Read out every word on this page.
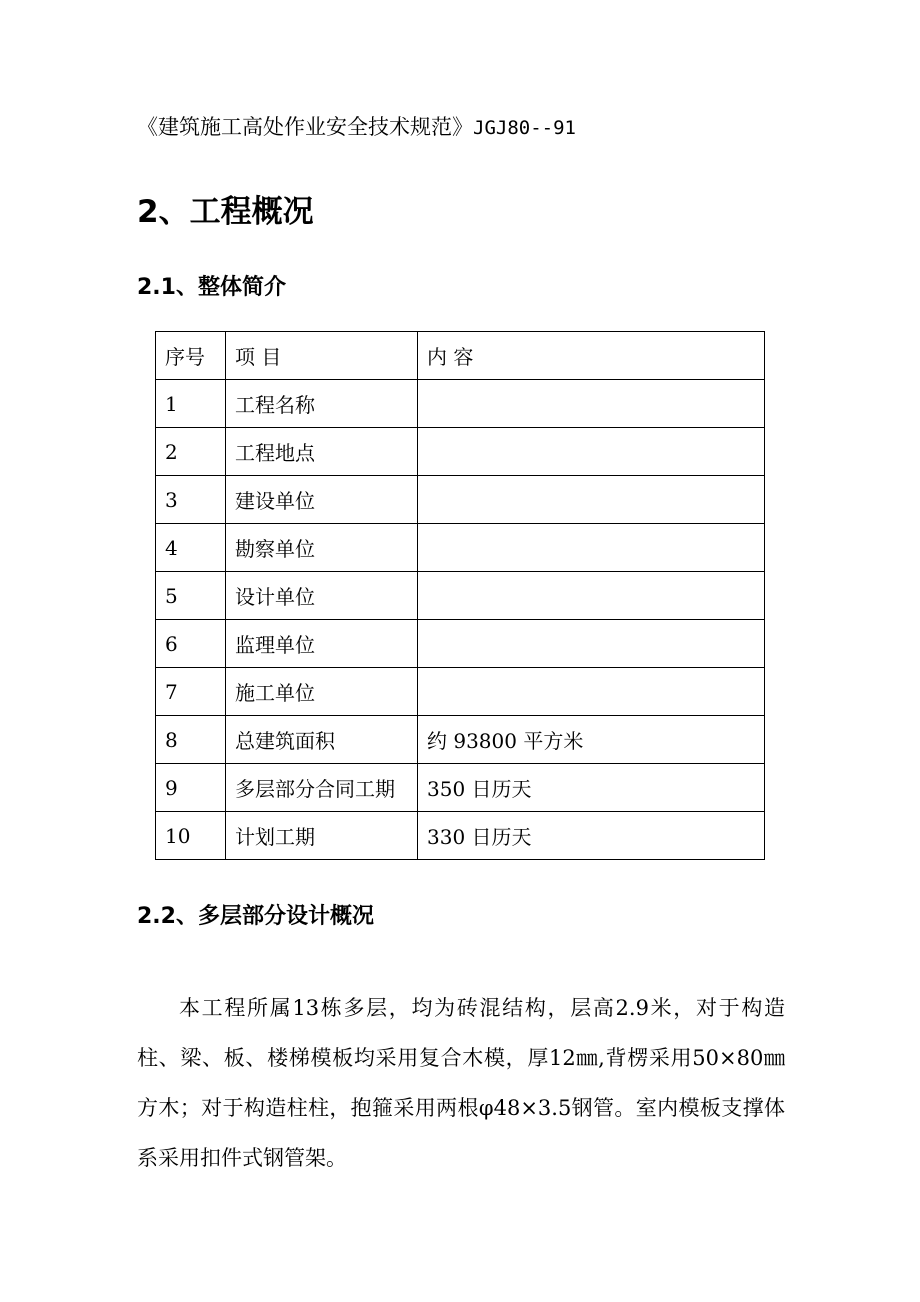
《建筑施工高处作业安全技术规范》JGJ80--91
2、工程概况
2.1、整体简介
序号	项 目	内 容
1	工程名称	
2	工程地点	
3	建设单位	
4	勘察单位	
5	设计单位	
6	监理单位	
7	施工单位	
8	总建筑面积	约 93800 平方米
9	多层部分合同工期	350 日历天
10	计划工期	330 日历天
2.2、多层部分设计概况

本工程所属13栋多层，均为砖混结构，层高2.9米，对于构造柱、梁、板、楼梯模板均采用复合木模，厚12㎜,背楞采用50×80㎜方木；对于构造柱柱，抱箍采用两根φ48×3.5钢管。室内模板支撑体系采用扣件式钢管架。
